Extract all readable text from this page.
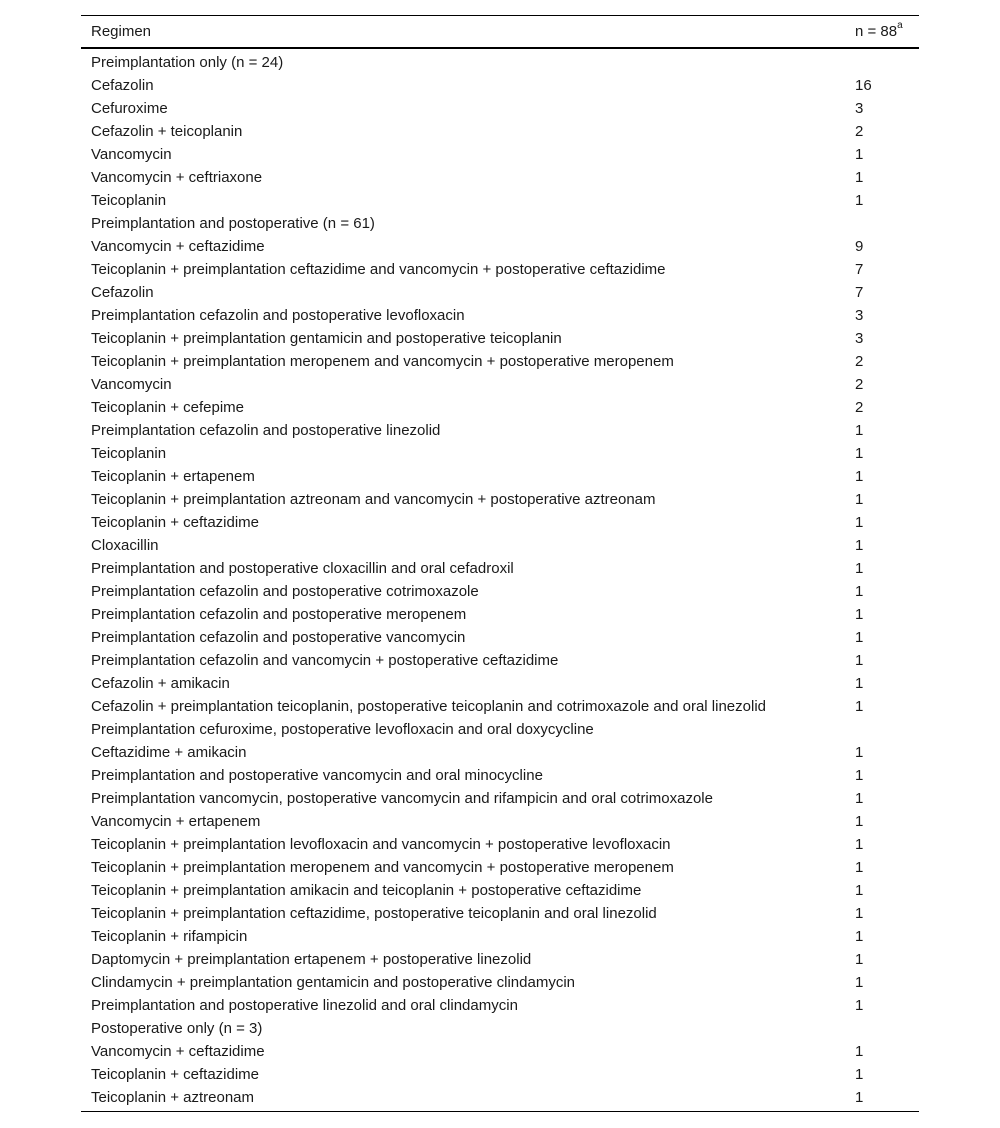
Regimen	$n = 88^a$
Preimplantation only (n = 24)	
Cefazolin	16
Cefuroxime	3
Cefazolin + teicoplanin	2
Vancomycin	1
Vancomycin + ceftriaxone	1
Teicoplanin	1
Preimplantation and postoperative (n = 61)	
Vancomycin + ceftazidime	9
Teicoplanin + preimplantation ceftazidime and vancomycin + postoperative ceftazidime	7
Cefazolin	7
Preimplantation cefazolin and postoperative levofloxacin	3
Teicoplanin + preimplantation gentamicin and postoperative teicoplanin	3
Teicoplanin + preimplantation meropenem and vancomycin + postoperative meropenem	2
Vancomycin	2
Teicoplanin + cefepime	2
Preimplantation cefazolin and postoperative linezolid	1
Teicoplanin	1
Teicoplanin + ertapenem	1
Teicoplanin + preimplantation aztreonam and vancomycin + postoperative aztreonam	1
Teicoplanin + ceftazidime	1
Cloxacillin	1
Preimplantation and postoperative cloxacillin and oral cefadroxil	1
Preimplantation cefazolin and postoperative cotrimoxazole	1
Preimplantation cefazolin and postoperative meropenem	1
Preimplantation cefazolin and postoperative vancomycin	1
Preimplantation cefazolin and vancomycin + postoperative ceftazidime	1
Cefazolin + amikacin	1
Cefazolin + preimplantation teicoplanin, postoperative teicoplanin and cotrimoxazole and oral linezolid	1
Preimplantation cefuroxime, postoperative levofloxacin and oral doxycycline	
Ceftazidime + amikacin	1
Preimplantation and postoperative vancomycin and oral minocycline	1
Preimplantation vancomycin, postoperative vancomycin and rifampicin and oral cotrimoxazole	1
Vancomycin + ertapenem	1
Teicoplanin + preimplantation levofloxacin and vancomycin + postoperative levofloxacin	1
Teicoplanin + preimplantation meropenem and vancomycin + postoperative meropenem	1
Teicoplanin + preimplantation amikacin and teicoplanin + postoperative ceftazidime	1
Teicoplanin + preimplantation ceftazidime, postoperative teicoplanin and oral linezolid	1
Teicoplanin + rifampicin	1
Daptomycin + preimplantation ertapenem + postoperative linezolid	1
Clindamycin + preimplantation gentamicin and postoperative clindamycin	1
Preimplantation and postoperative linezolid and oral clindamycin	1
Postoperative only (n = 3)	
Vancomycin + ceftazidime	1
Teicoplanin + ceftazidime	1
Teicoplanin + aztreonam	1
